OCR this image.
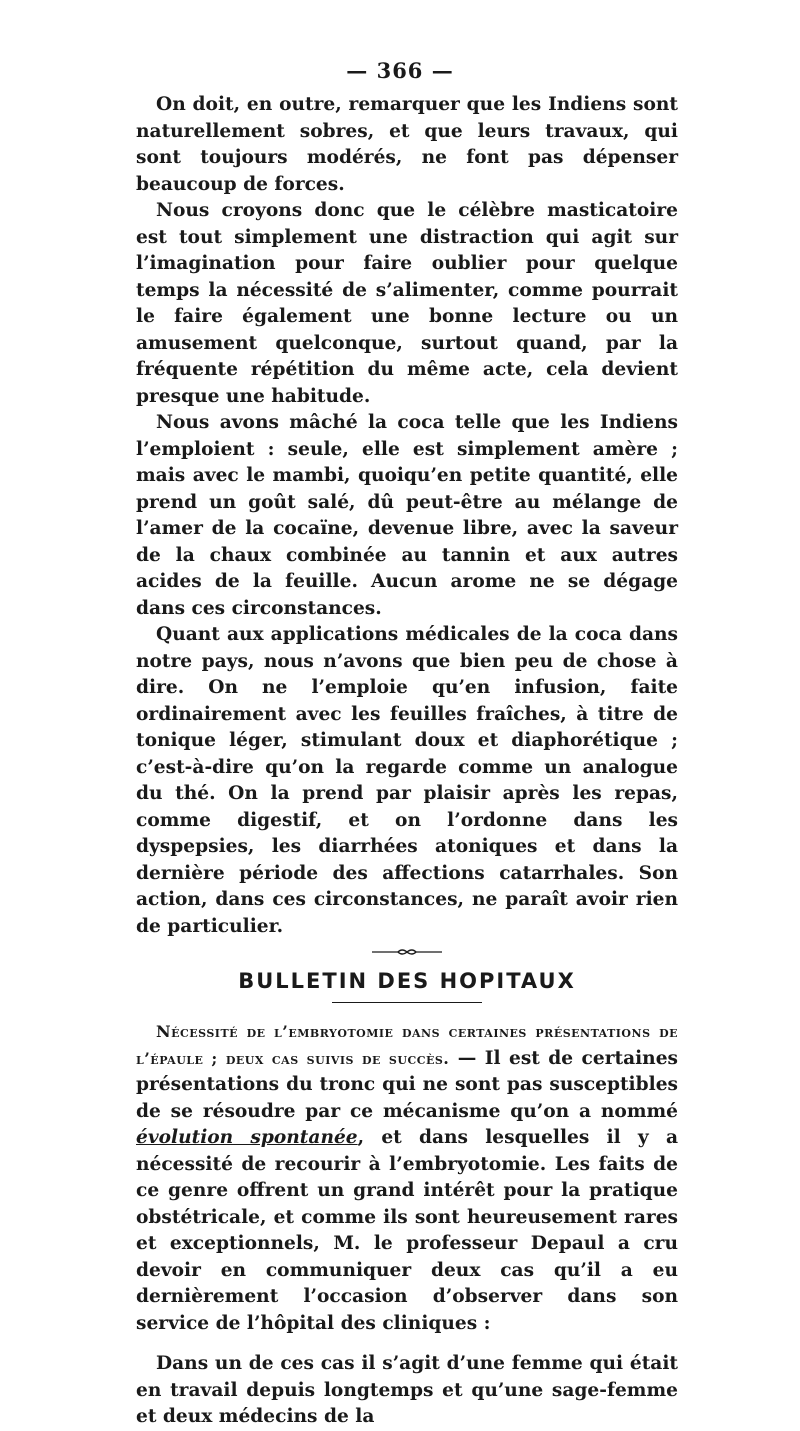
— 366 —

On doit, en outre, remarquer que les Indiens sont naturellement sobres, et que leurs travaux, qui sont toujours modérés, ne font pas dépenser beaucoup de forces.

Nous croyons donc que le célèbre masticatoire est tout simplement une distraction qui agit sur l’imagination pour faire oublier pour quelque temps la nécessité de s’alimenter, comme pourrait le faire également une bonne lecture ou un amusement quelconque, surtout quand, par la fréquente répétition du même acte, cela devient presque une habitude.

Nous avons mâché la coca telle que les Indiens l’emploient : seule, elle est simplement amère ; mais avec le mambi, quoiqu’en petite quantité, elle prend un goût salé, dû peut-être au mélange de l’amer de la cocaïne, devenue libre, avec la saveur de la chaux combinée au tannin et aux autres acides de la feuille. Aucun arome ne se dégage dans ces circonstances.

Quant aux applications médicales de la coca dans notre pays, nous n’avons que bien peu de chose à dire. On ne l’emploie qu’en infusion, faite ordinairement avec les feuilles fraîches, à titre de tonique léger, stimulant doux et diaphorétique ; c’est-à-dire qu’on la regarde comme un analogue du thé. On la prend par plaisir après les repas, comme digestif, et on l’ordonne dans les dyspepsies, les diarrhées atoniques et dans la dernière période des affections catarrhales. Son action, dans ces circonstances, ne paraît avoir rien de particulier.

BULLETIN DES HOPITAUX

Nécessité de l’embryotomie dans certaines présentations de l’épaule ; deux cas suivis de succès. — Il est de certaines présentations du tronc qui ne sont pas susceptibles de se résoudre par ce mécanisme qu’on a nommé évolution spontanée, et dans lesquelles il y a nécessité de recourir à l’embryotomie. Les faits de ce genre offrent un grand intérêt pour la pratique obstétricale, et comme ils sont heureusement rares et exceptionnels, M. le professeur Depaul a cru devoir en communiquer deux cas qu’il a eu dernièrement l’occasion d’observer dans son service de l’hôpital des cliniques :

Dans un de ces cas il s’agit d’une femme qui était en travail depuis longtemps et qu’une sage-femme et deux médecins de la
